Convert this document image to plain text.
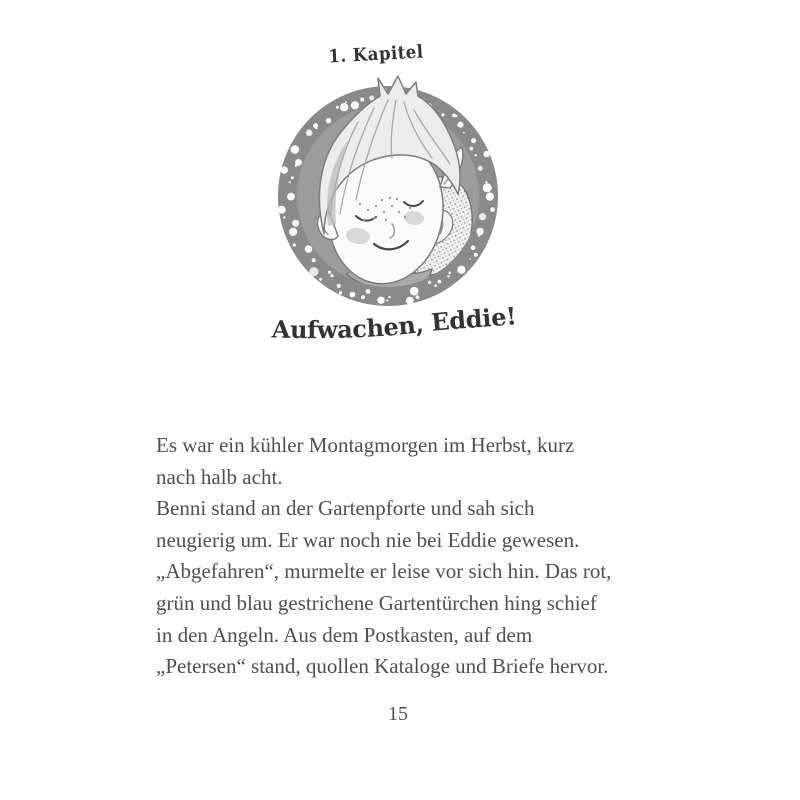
1. Kapitel
Aufwachen, Eddie!
Es war ein kühler Montagmorgen im Herbst, kurz
nach halb acht.
Benni stand an der Gartenpforte und sah sich
neugierig um. Er war noch nie bei Eddie gewesen.
„Abgefahren“, murmelte er leise vor sich hin. Das rot,
grün und blau gestrichene Gartentürchen hing schief
in den Angeln. Aus dem Postkasten, auf dem
„Petersen“ stand, quollen Kataloge und Briefe hervor.
15
